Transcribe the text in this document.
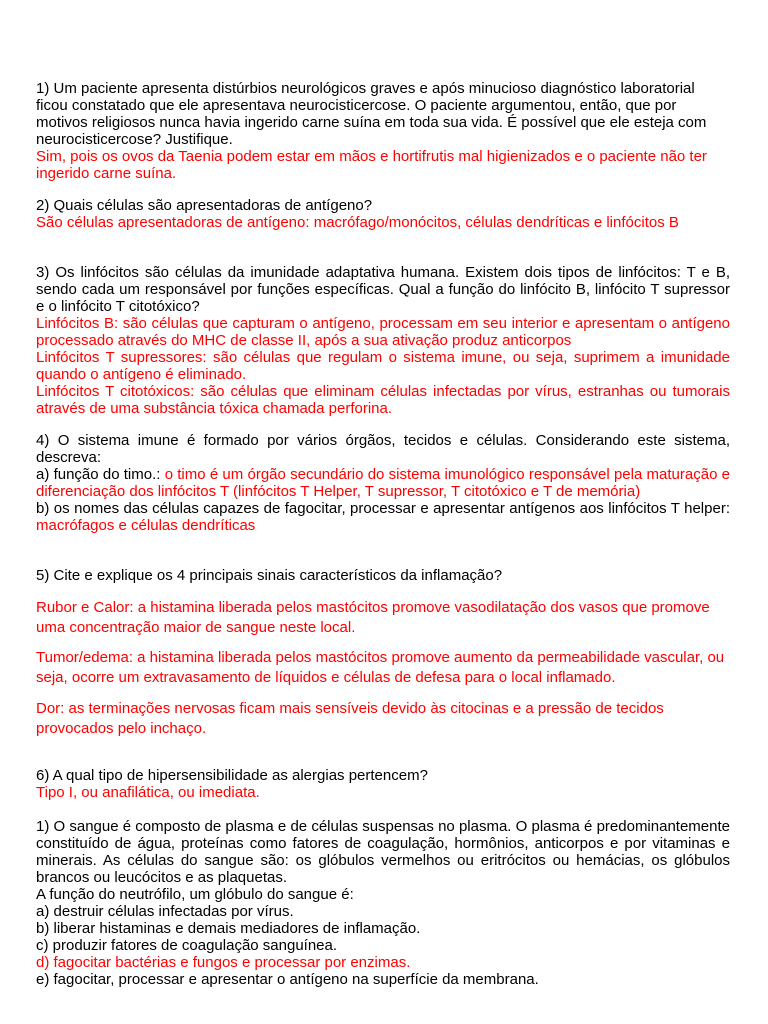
1) Um paciente apresenta distúrbios neurológicos graves e após minucioso diagnóstico laboratorial ficou constatado que ele apresentava neurocisticercose. O paciente argumentou, então, que por motivos religiosos nunca havia ingerido carne suína em toda sua vida. É possível que ele esteja com neurocisticercose? Justifique.

Sim, pois os ovos da Taenia podem estar em mãos e hortifrutis mal higienizados e o paciente não ter ingerido carne suína.

2) Quais células são apresentadoras de antígeno?

São células apresentadoras de antígeno: macrófago/monócitos, células dendríticas e linfócitos B

3) Os linfócitos são células da imunidade adaptativa humana. Existem dois tipos de linfócitos: T e B, sendo cada um responsável por funções específicas. Qual a função do linfócito B, linfócito T supressor e o linfócito T citotóxico?

Linfócitos B: são células que capturam o antígeno, processam em seu interior e apresentam o antígeno processado através do MHC de classe II, após a sua ativação produz anticorpos

Linfócitos T supressores: são células que regulam o sistema imune, ou seja, suprimem a imunidade quando o antígeno é eliminado.

Linfócitos T citotóxicos: são células que eliminam células infectadas por vírus, estranhas ou tumorais através de uma substância tóxica chamada perforina.

4) O sistema imune é formado por vários órgãos, tecidos e células. Considerando este sistema, descreva:

a) função do timo.: o timo é um órgão secundário do sistema imunológico responsável pela maturação e diferenciação dos linfócitos T (linfócitos T Helper, T supressor, T citotóxico e T de memória)

b) os nomes das células capazes de fagocitar, processar e apresentar antígenos aos linfócitos T helper: macrófagos e células dendríticas

5) Cite e explique os 4 principais sinais característicos da inflamação?

Rubor e Calor: a histamina liberada pelos mastócitos promove vasodilatação dos vasos que promove uma concentração maior de sangue neste local.
Tumor/edema: a histamina liberada pelos mastócitos promove aumento da permeabilidade vascular, ou seja, ocorre um extravasamento de líquidos e células de defesa para o local inflamado.
Dor: as terminações nervosas ficam mais sensíveis devido às citocinas e a pressão de tecidos provocados pelo inchaço.

6) A qual tipo de hipersensibilidade as alergias pertencem?

Tipo I, ou anafilática, ou imediata.

1) O sangue é composto de plasma e de células suspensas no plasma. O plasma é predominantemente constituído de água, proteínas como fatores de coagulação, hormônios, anticorpos e por vitaminas e minerais. As células do sangue são: os glóbulos vermelhos ou eritrócitos ou hemácias, os glóbulos brancos ou leucócitos e as plaquetas.

A função do neutrófilo, um glóbulo do sangue é:

a) destruir células infectadas por vírus.

b) liberar histaminas e demais mediadores de inflamação.

c) produzir fatores de coagulação sanguínea.

d) fagocitar bactérias e fungos e processar por enzimas.

e) fagocitar, processar e apresentar o antígeno na superfície da membrana.
